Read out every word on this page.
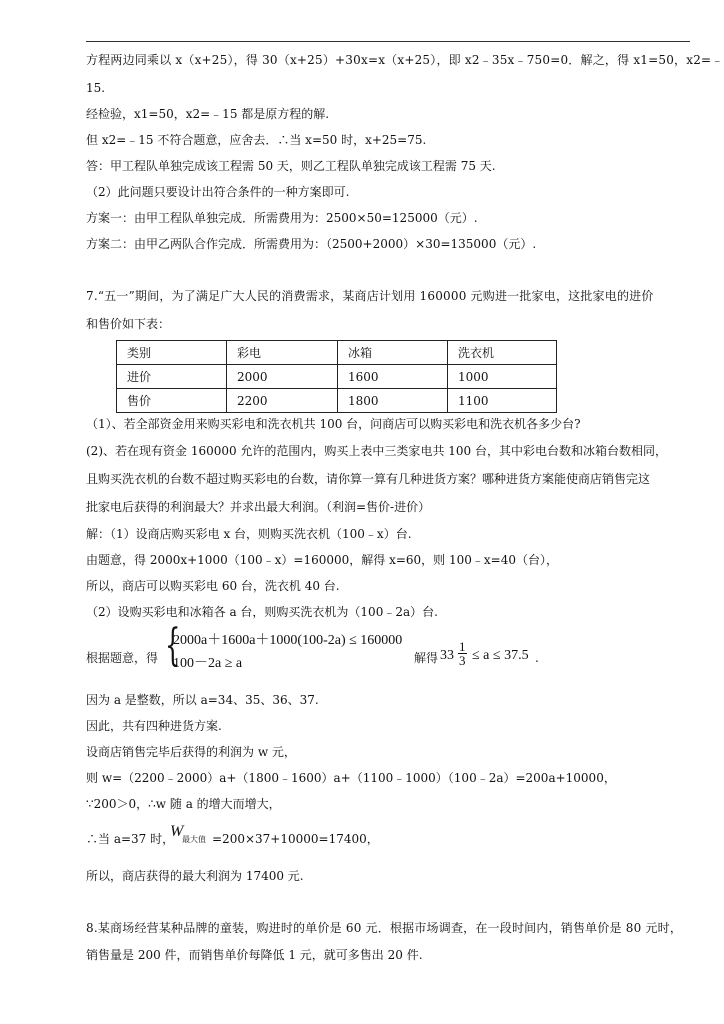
方程两边同乘以 x（x+25），得 30（x+25）+30x=x（x+25），即 x2﹣35x﹣750=0．解之，得 x1=50，x2=﹣
15.
经检验，x1=50，x2=﹣15 都是原方程的解.
但 x2=﹣15 不符合题意，应舍去．∴当 x=50 时，x+25=75.
答：甲工程队单独完成该工程需 50 天，则乙工程队单独完成该工程需 75 天.
（2）此问题只要设计出符合条件的一种方案即可.
方案一：由甲工程队单独完成．所需费用为：2500×50=125000（元）.
方案二：由甲乙两队合作完成．所需费用为：（2500+2000）×30=135000（元）.
7.“五一”期间，为了满足广大人民的消费需求，某商店计划用 160000 元购进一批家电，这批家电的进价
和售价如下表：
类别	彩电	冰箱	洗衣机
进价	2000	1600	1000
售价	2200	1800	1100
（1）、若全部资金用来购买彩电和洗衣机共 100 台，问商店可以购买彩电和洗衣机各多少台?
(2)、若在现有资金 160000 允许的范围内，购买上表中三类家电共 100 台，其中彩电台数和冰箱台数相同，
且购买洗衣机的台数不超过购买彩电的台数，请你算一算有几种进货方案？哪种进货方案能使商店销售完这
批家电后获得的利润最大？并求出最大利润。（利润=售价-进价）
解：（1）设商店购买彩电 x 台，则购买洗衣机（100﹣x）台.
由题意，得 2000x+1000（100﹣x）=160000，解得 x=60，则 100﹣x=40（台），
所以，商店可以购买彩电 60 台，洗衣机 40 台.
（2）设购买彩电和冰箱各 a 台，则购买洗衣机为（100﹣2a）台.
根据题意，得 {
2000a＋1600a＋1000(100-2a) ≤ 160000
100－2a ≥ a	解得 $33 \frac{1}{3} \le a \le 37.5$ .
因为 a 是整数，所以 a=34、35、36、37.
因此，共有四种进货方案.
设商店销售完毕后获得的利润为 w 元，
则 w=（2200﹣2000）a+（1800﹣1600）a+（1100﹣1000）（100﹣2a）=200a+10000，
∵200＞0，∴w 随 a 的增大而增大，
∴当 a=37 时，
W
最大值 =200×37+10000=17400，
所以，商店获得的最大利润为 17400 元.
8.某商场经营某种品牌的童装，购进时的单价是 60 元．根据市场调查，在一段时间内，销售单价是 80 元时，
销售量是 200 件，而销售单价每降低 1 元，就可多售出 20 件.
